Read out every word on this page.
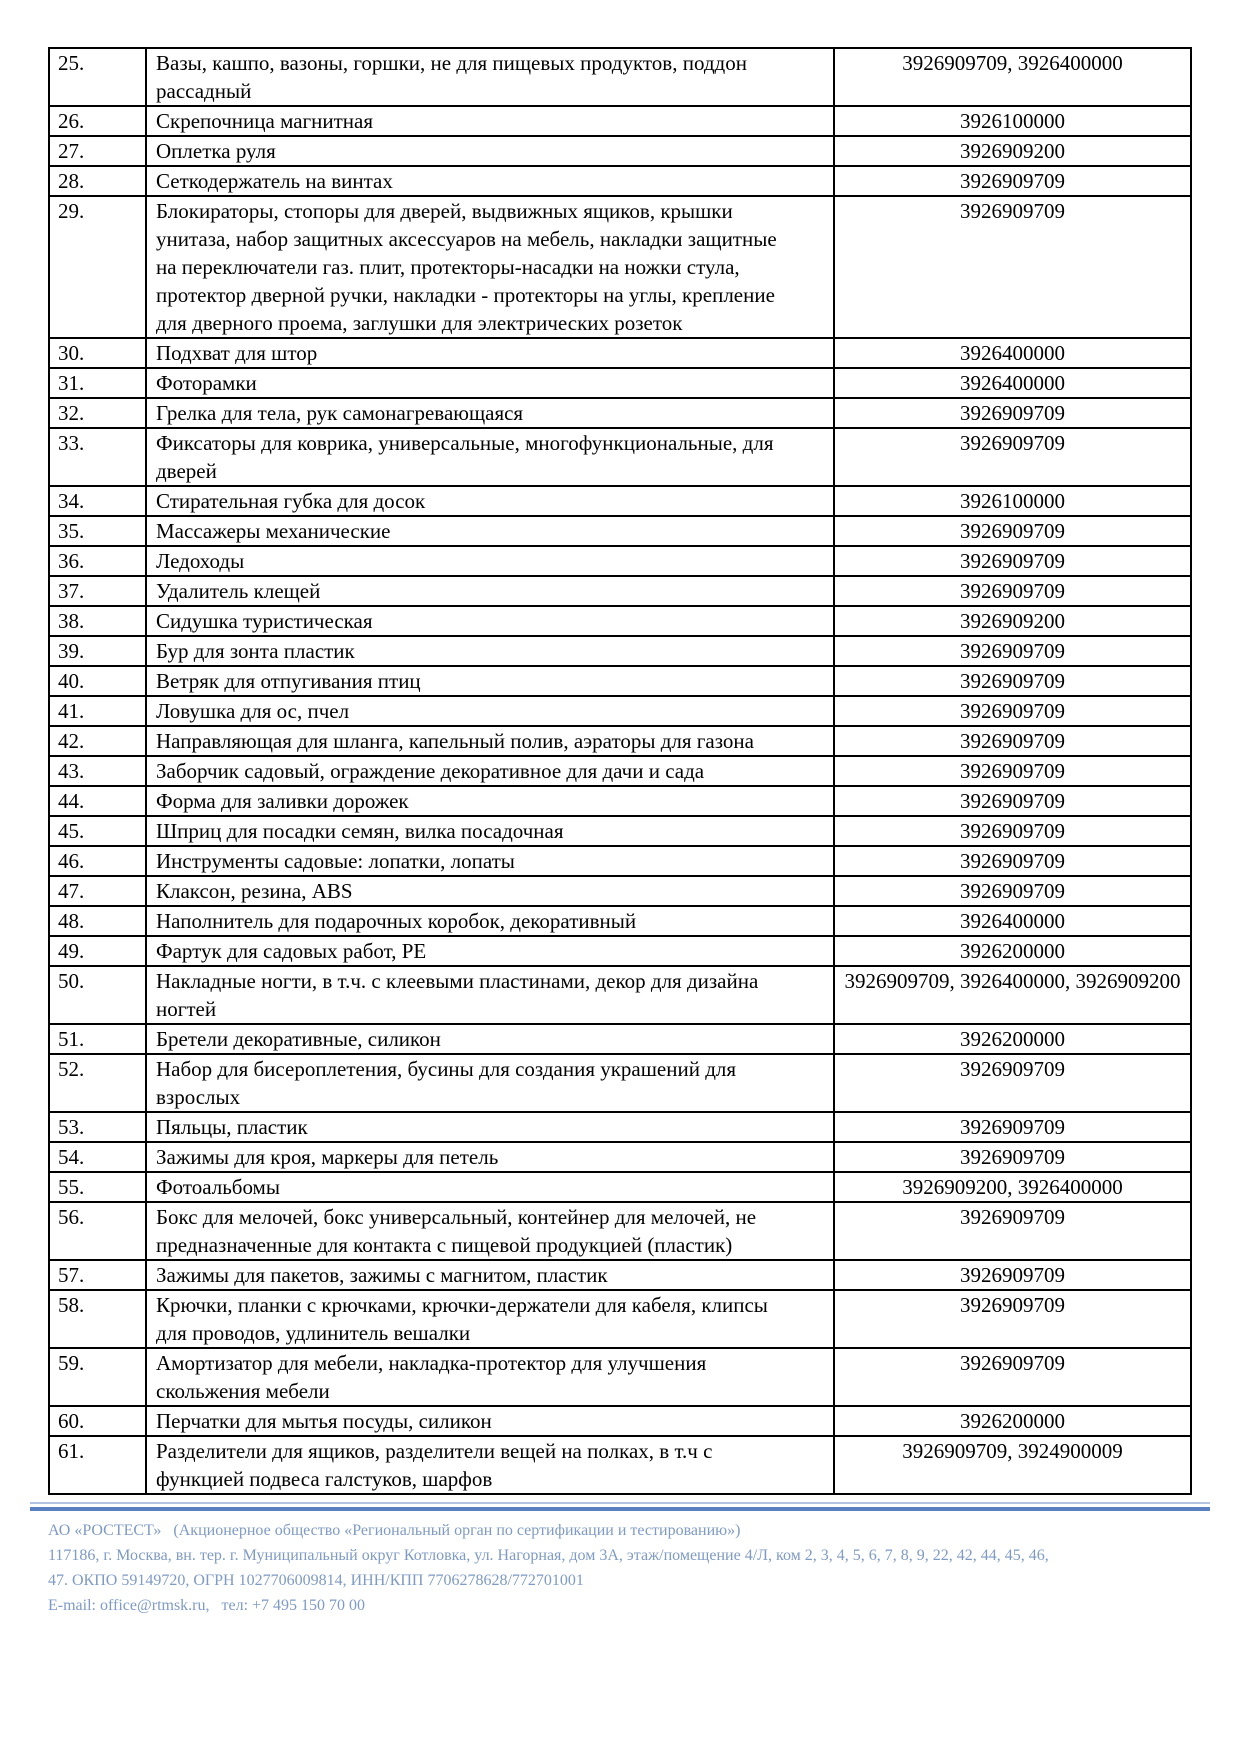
25.	Вазы, кашпо, вазоны, горшки, не для пищевых продуктов, поддон рассадный	3926909709, 3926400000
26.	Скрепочница магнитная	3926100000
27.	Оплетка руля	3926909200
28.	Сеткодержатель на винтах	3926909709
29.	Блокираторы, стопоры для дверей, выдвижных ящиков, крышки унитаза, набор защитных аксессуаров на мебель, накладки защитные на переключатели газ. плит, протекторы-насадки на ножки стула, протектор дверной ручки, накладки - протекторы на углы, крепление для дверного проема, заглушки для электрических розеток	3926909709
30.	Подхват для штор	3926400000
31.	Фоторамки	3926400000
32.	Грелка для тела, рук самонагревающаяся	3926909709
33.	Фиксаторы для коврика, универсальные, многофункциональные, для дверей	3926909709
34.	Стирательная губка для досок	3926100000
35.	Массажеры механические	3926909709
36.	Ледоходы	3926909709
37.	Удалитель клещей	3926909709
38.	Сидушка туристическая	3926909200
39.	Бур для зонта пластик	3926909709
40.	Ветряк для отпугивания птиц	3926909709
41.	Ловушка для ос, пчел	3926909709
42.	Направляющая для шланга, капельный полив, аэраторы для газона	3926909709
43.	Заборчик садовый, ограждение декоративное для дачи и сада	3926909709
44.	Форма для заливки дорожек	3926909709
45.	Шприц для посадки семян, вилка посадочная	3926909709
46.	Инструменты садовые: лопатки, лопаты	3926909709
47.	Клаксон, резина, ABS	3926909709
48.	Наполнитель для подарочных коробок, декоративный	3926400000
49.	Фартук для садовых работ, PE	3926200000
50.	Накладные ногти, в т.ч. с клеевыми пластинами, декор для дизайна ногтей	3926909709, 3926400000, 3926909200
51.	Бретели декоративные, силикон	3926200000
52.	Набор для бисероплетения, бусины для создания украшений для взрослых	3926909709
53.	Пяльцы, пластик	3926909709
54.	Зажимы для кроя, маркеры для петель	3926909709
55.	Фотоальбомы	3926909200, 3926400000
56.	Бокс для мелочей, бокс универсальный, контейнер для мелочей, не предназначенные для контакта с пищевой продукцией (пластик)	3926909709
57.	Зажимы для пакетов, зажимы с магнитом, пластик	3926909709
58.	Крючки, планки с крючками, крючки-держатели для кабеля, клипсы для проводов, удлинитель вешалки	3926909709
59.	Амортизатор для мебели, накладка-протектор для улучшения скольжения мебели	3926909709
60.	Перчатки для мытья посуды, силикон	3926200000
61.	Разделители для ящиков, разделители вещей на полках, в т.ч с функцией подвеса галстуков, шарфов	3926909709, 3924900009
АО «РОСТЕСТ»   (Акционерное общество «Региональный орган по сертификации и тестированию»)
117186, г. Москва, вн. тер. г. Муниципальный округ Котловка, ул. Нагорная, дом 3А, этаж/помещение 4/Л, ком 2, 3, 4, 5, 6, 7, 8, 9, 22, 42, 44, 45, 46,
47. ОКПО 59149720, ОГРН 1027706009814, ИНН/КПП 7706278628/772701001
E-mail: office@rtmsk.ru,   тел: +7 495 150 70 00
